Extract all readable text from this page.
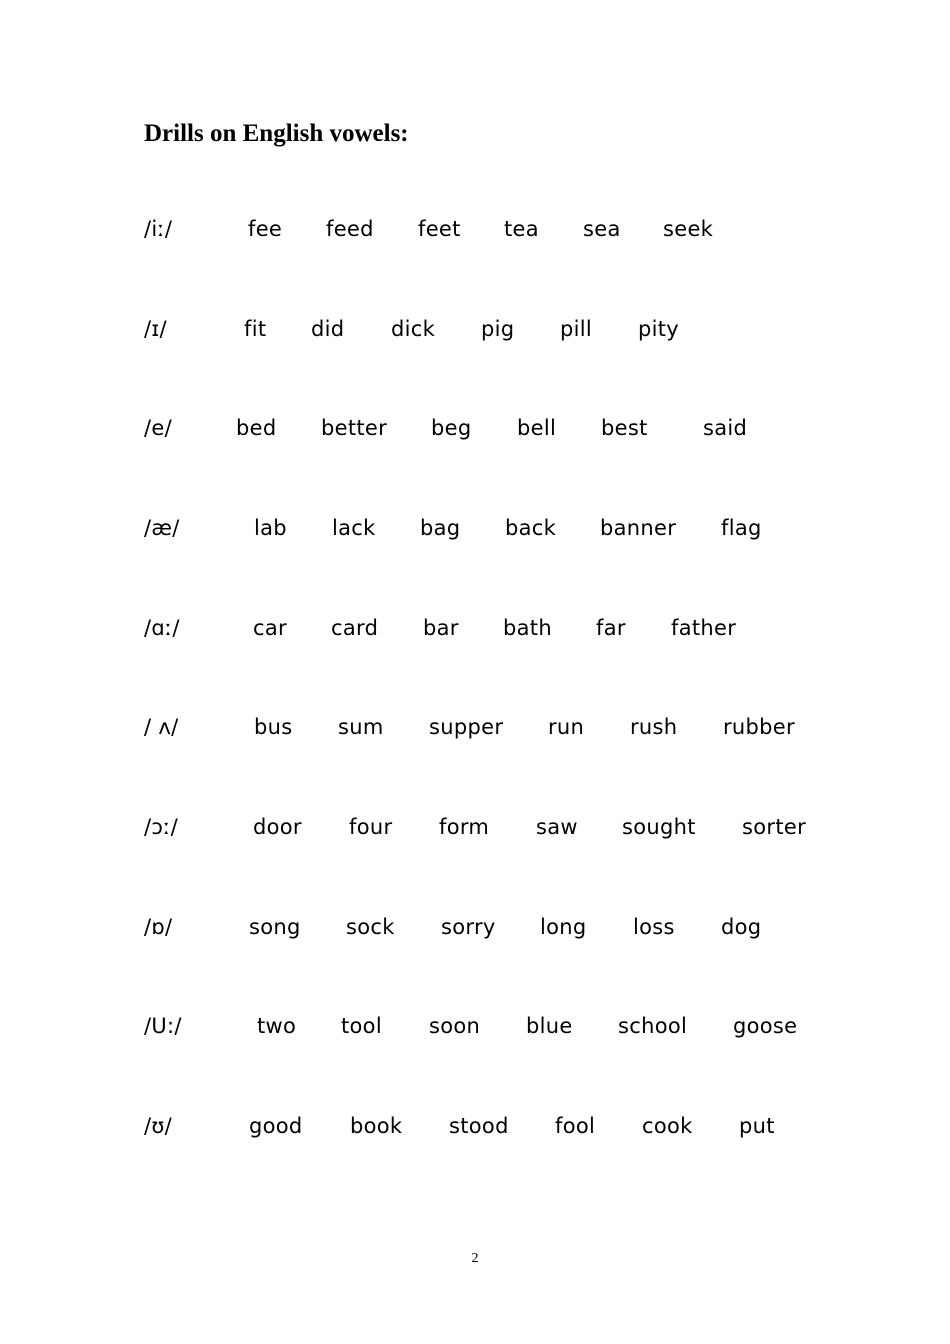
Drills on English vowels:
/iː/	fee feed feet tea sea seek
/ɪ/	fit did dick pig pill pity
/e/	bed better beg bell best	said
/æ/	lab lack bag back banner flag
/ɑː/	car card bar bath far father
/ ʌ/	bus sum supper run rush rubber
/ɔː/	door four form saw sought sorter
/ɒ/	song sock sorry long loss dog
/U:/	two tool soon blue school goose
/ʊ/	good book stood fool cook put
2
